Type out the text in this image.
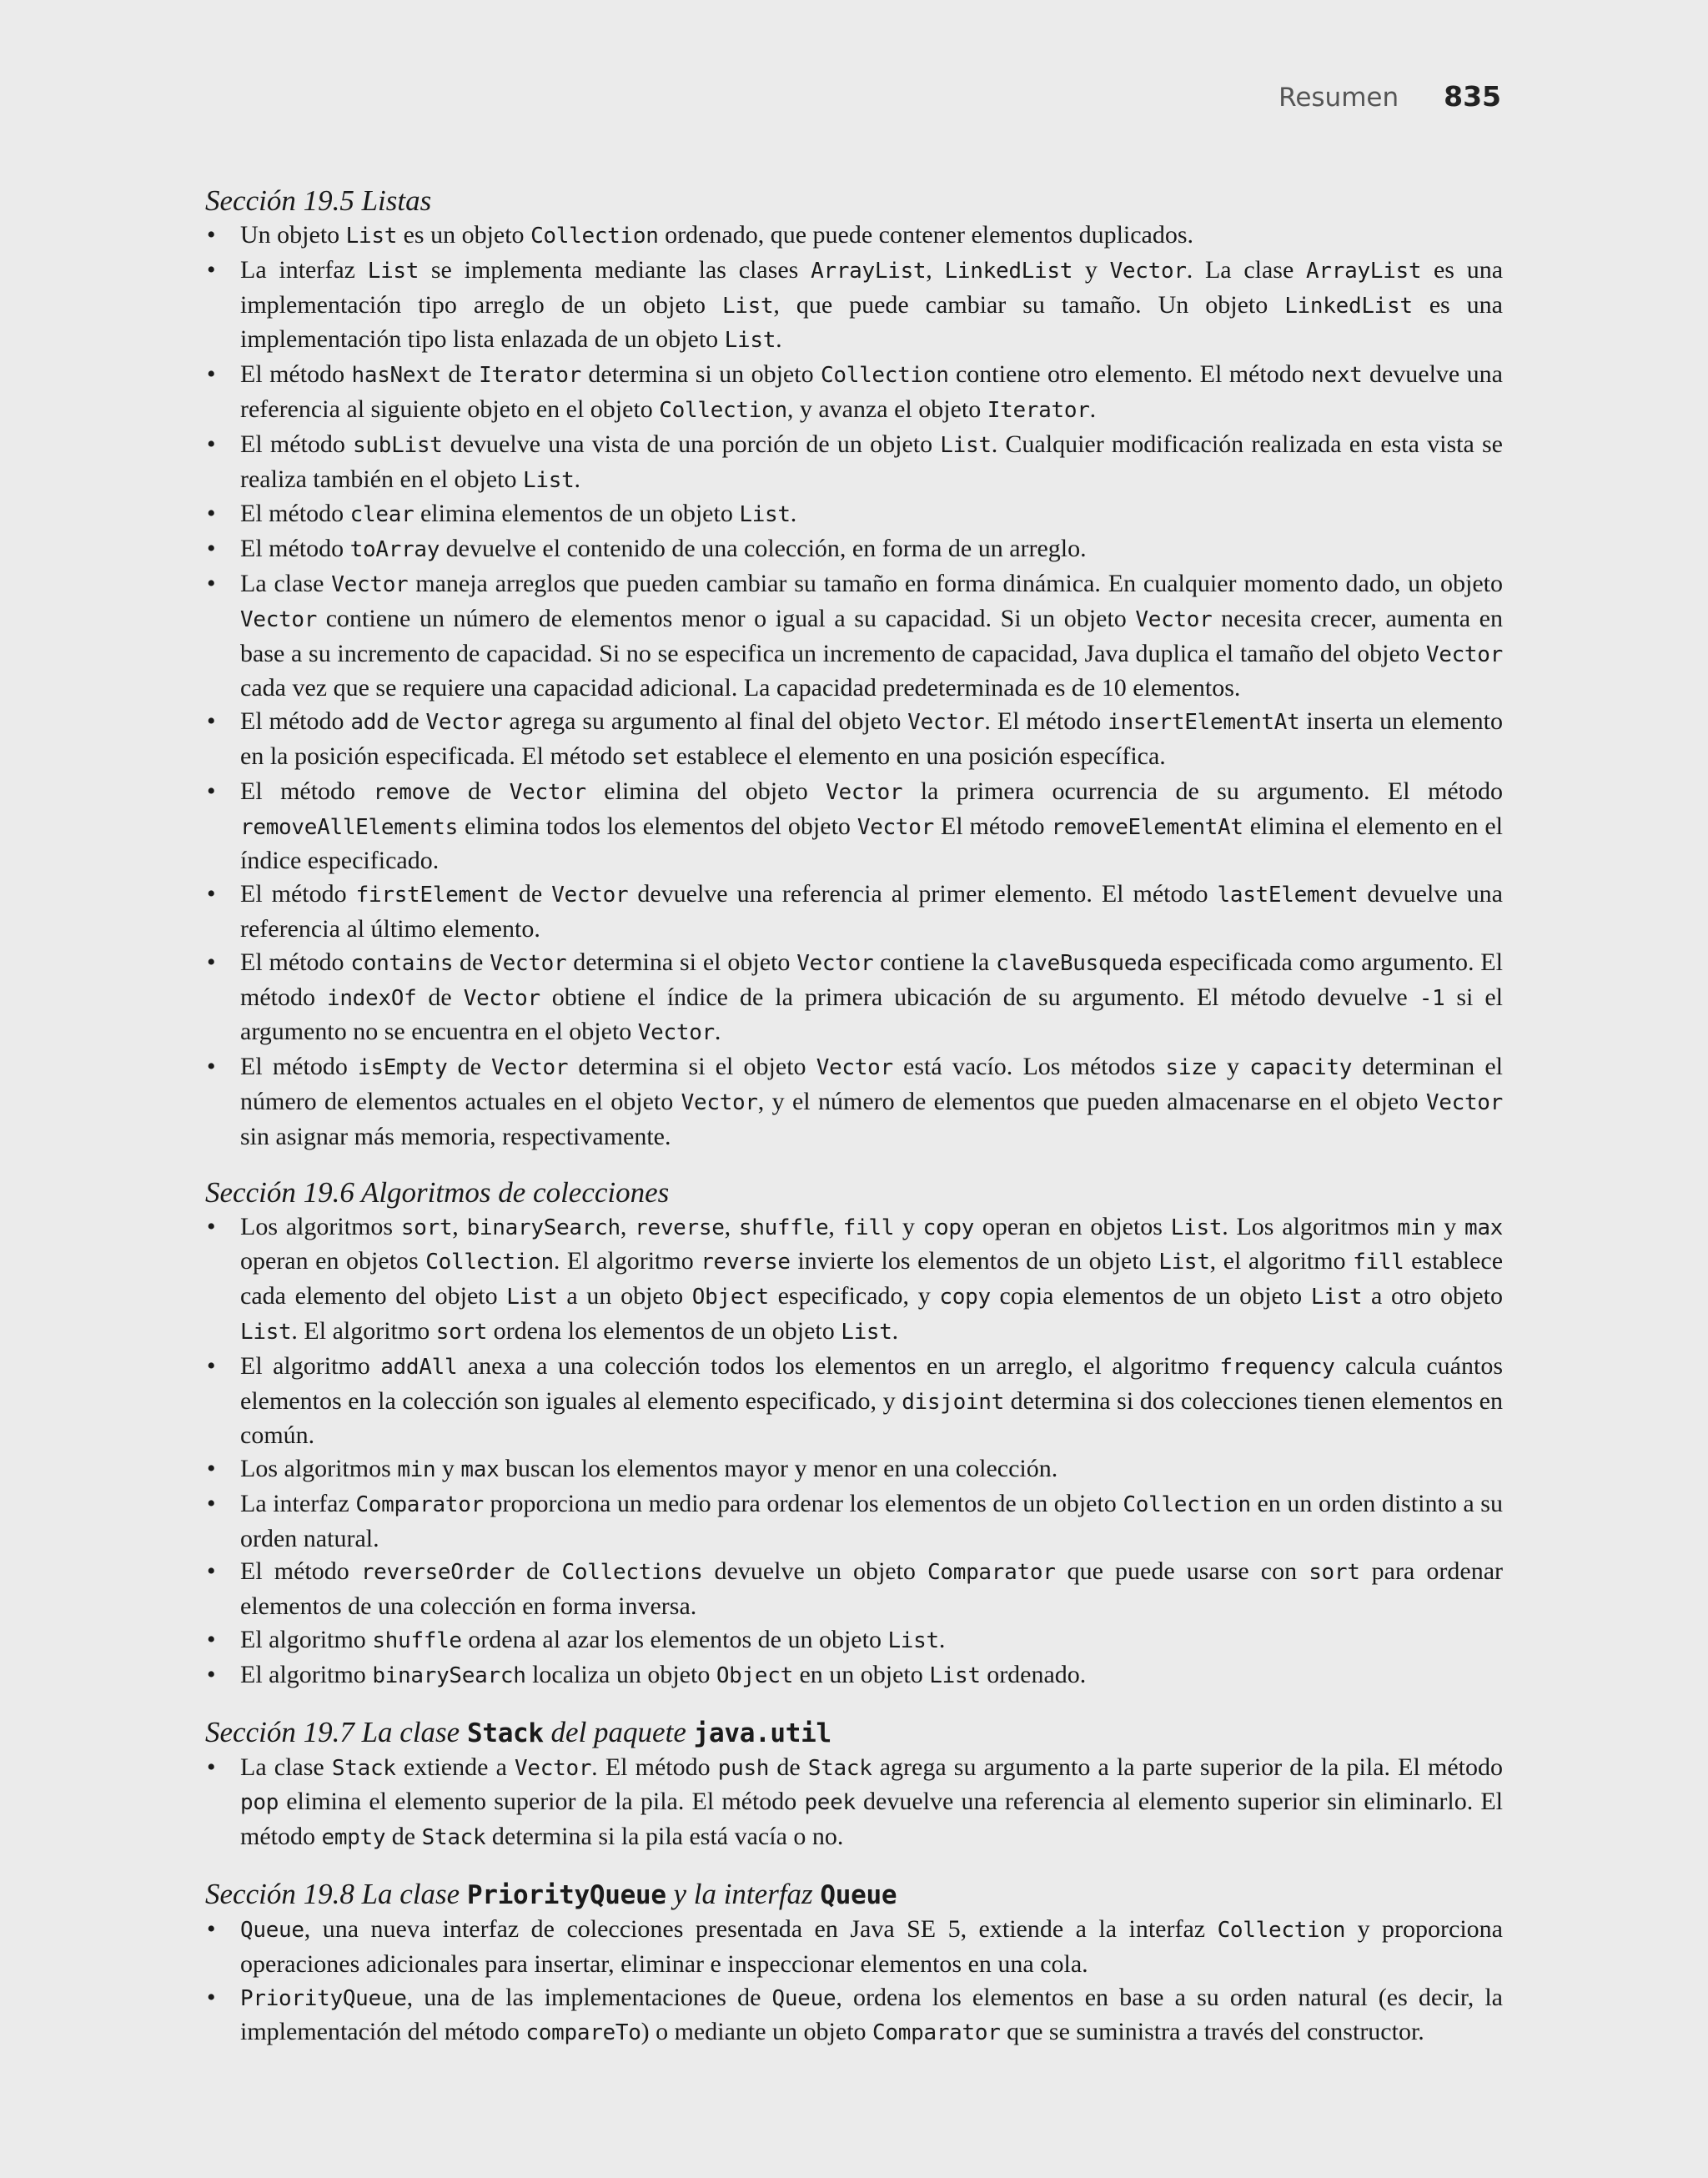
Resumen 835
Sección 19.5 Listas
• Un objeto List es un objeto Collection ordenado, que puede contener elementos duplicados.
• La interfaz List se implementa mediante las clases ArrayList, LinkedList y Vector. La clase ArrayList es una implementación tipo arreglo de un objeto List, que puede cambiar su tamaño. Un objeto LinkedList es una implementación tipo lista enlazada de un objeto List.
• El método hasNext de Iterator determina si un objeto Collection contiene otro elemento. El método next devuelve una referencia al siguiente objeto en el objeto Collection, y avanza el objeto Iterator.
• El método subList devuelve una vista de una porción de un objeto List. Cualquier modificación realizada en esta vista se realiza también en el objeto List.
• El método clear elimina elementos de un objeto List.
• El método toArray devuelve el contenido de una colección, en forma de un arreglo.
• La clase Vector maneja arreglos que pueden cambiar su tamaño en forma dinámica. En cualquier momento dado, un objeto Vector contiene un número de elementos menor o igual a su capacidad. Si un objeto Vector necesita crecer, aumenta en base a su incremento de capacidad. Si no se especifica un incremento de capacidad, Java duplica el tamaño del objeto Vector cada vez que se requiere una capacidad adicional. La capacidad predeterminada es de 10 elementos.
• El método add de Vector agrega su argumento al final del objeto Vector. El método insertElementAt inserta un elemento en la posición especificada. El método set establece el elemento en una posición específica.
• El método remove de Vector elimina del objeto Vector la primera ocurrencia de su argumento. El método removeAllElements elimina todos los elementos del objeto Vector El método removeElementAt elimina el elemento en el índice especificado.
• El método firstElement de Vector devuelve una referencia al primer elemento. El método lastElement devuelve una referencia al último elemento.
• El método contains de Vector determina si el objeto Vector contiene la claveBusqueda especificada como argumento. El método indexOf de Vector obtiene el índice de la primera ubicación de su argumento. El método devuelve -1 si el argumento no se encuentra en el objeto Vector.
• El método isEmpty de Vector determina si el objeto Vector está vacío. Los métodos size y capacity determinan el número de elementos actuales en el objeto Vector, y el número de elementos que pueden almacenarse en el objeto Vector sin asignar más memoria, respectivamente.
Sección 19.6 Algoritmos de colecciones
• Los algoritmos sort, binarySearch, reverse, shuffle, fill y copy operan en objetos List. Los algoritmos min y max operan en objetos Collection. El algoritmo reverse invierte los elementos de un objeto List, el algoritmo fill establece cada elemento del objeto List a un objeto Object especificado, y copy copia elementos de un objeto List a otro objeto List. El algoritmo sort ordena los elementos de un objeto List.
• El algoritmo addAll anexa a una colección todos los elementos en un arreglo, el algoritmo frequency calcula cuántos elementos en la colección son iguales al elemento especificado, y disjoint determina si dos colecciones tienen elementos en común.
• Los algoritmos min y max buscan los elementos mayor y menor en una colección.
• La interfaz Comparator proporciona un medio para ordenar los elementos de un objeto Collection en un orden distinto a su orden natural.
• El método reverseOrder de Collections devuelve un objeto Comparator que puede usarse con sort para ordenar elementos de una colección en forma inversa.
• El algoritmo shuffle ordena al azar los elementos de un objeto List.
• El algoritmo binarySearch localiza un objeto Object en un objeto List ordenado.
Sección 19.7 La clase Stack del paquete java.util
• La clase Stack extiende a Vector. El método push de Stack agrega su argumento a la parte superior de la pila. El método pop elimina el elemento superior de la pila. El método peek devuelve una referencia al elemento superior sin eliminarlo. El método empty de Stack determina si la pila está vacía o no.
Sección 19.8 La clase PriorityQueue y la interfaz Queue
• Queue, una nueva interfaz de colecciones presentada en Java SE 5, extiende a la interfaz Collection y proporciona operaciones adicionales para insertar, eliminar e inspeccionar elementos en una cola.
• PriorityQueue, una de las implementaciones de Queue, ordena los elementos en base a su orden natural (es decir, la implementación del método compareTo) o mediante un objeto Comparator que se suministra a través del constructor.
